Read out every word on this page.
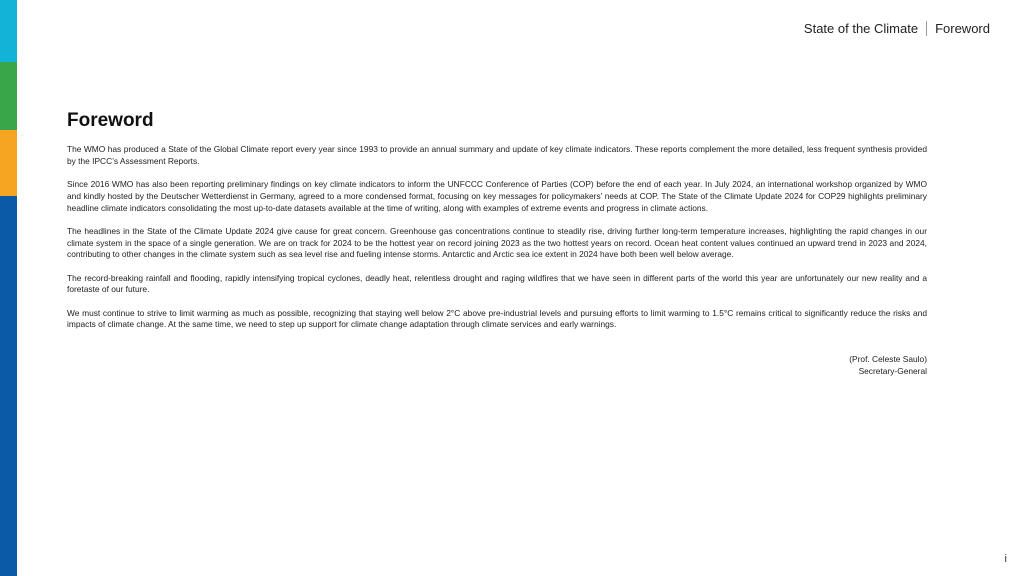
State of the Climate Foreword
Foreword

The WMO has produced a State of the Global Climate report every year since 1993 to provide an annual summary and update of key climate indicators. These reports complement the more detailed, less frequent synthesis provided by the IPCC’s Assessment Reports.

Since 2016 WMO has also been reporting preliminary findings on key climate indicators to inform the UNFCCC Conference of Parties (COP) before the end of each year. In July 2024, an international workshop organized by WMO and kindly hosted by the Deutscher Wetterdienst in Germany, agreed to a more condensed format, focusing on key messages for policymakers’ needs at COP. The State of the Climate Update 2024 for COP29 highlights preliminary headline climate indicators consolidating the most up-to-date datasets available at the time of writing, along with examples of extreme events and progress in climate actions.

The headlines in the State of the Climate Update 2024 give cause for great concern. Greenhouse gas concentrations continue to steadily rise, driving further long-term temperature increases, highlighting the rapid changes in our climate system in the space of a single generation. We are on track for 2024 to be the hottest year on record joining 2023 as the two hottest years on record. Ocean heat content values continued an upward trend in 2023 and 2024, contributing to other changes in the climate system such as sea level rise and fueling intense storms. Antarctic and Arctic sea ice extent in 2024 have both been well below average.

The record-breaking rainfall and flooding, rapidly intensifying tropical cyclones, deadly heat, relentless drought and raging wildfires that we have seen in different parts of the world this year are unfortunately our new reality and a foretaste of our future.

We must continue to strive to limit warming as much as possible, recognizing that staying well below 2°C above pre-industrial levels and pursuing efforts to limit warming to 1.5°C remains critical to significantly reduce the risks and impacts of climate change. At the same time, we need to step up support for climate change adaptation through climate services and early warnings.

(Prof. Celeste Saulo)
Secretary-General
i
